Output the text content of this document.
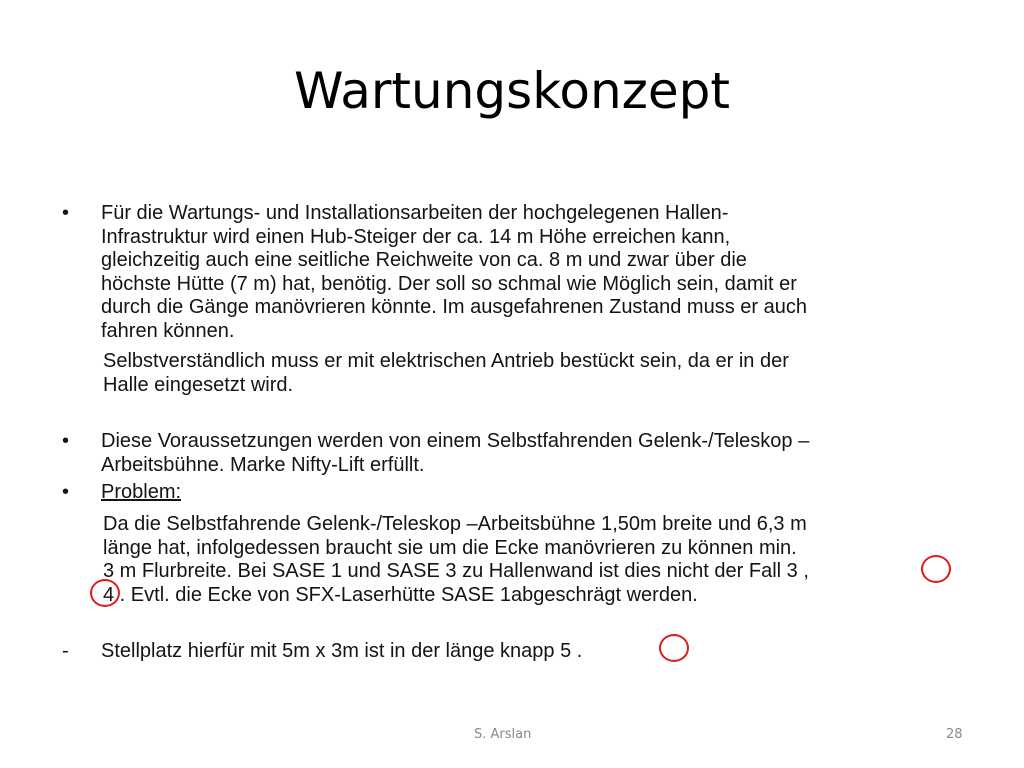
Wartungskonzept
• Für die Wartungs- und Installationsarbeiten der hochgelegenen Hallen-
Infrastruktur wird einen Hub-Steiger der ca. 14 m Höhe erreichen kann,
gleichzeitig auch eine seitliche Reichweite von ca. 8 m und zwar über die
höchste Hütte (7 m) hat, benötig. Der soll so schmal wie Möglich sein, damit er
durch die Gänge manövrieren könnte. Im ausgefahrenen Zustand muss er auch
fahren können.
Selbstverständlich muss er mit elektrischen Antrieb bestückt sein, da er in der
Halle eingesetzt wird.
• Diese Voraussetzungen werden von einem Selbstfahrenden Gelenk-/Teleskop –
Arbeitsbühne. Marke Nifty-Lift erfüllt.
• Problem:
Da die Selbstfahrende Gelenk-/Teleskop –Arbeitsbühne 1,50m breite und 6,3 m
länge hat, infolgedessen braucht sie um die Ecke manövrieren zu können min.
3 m Flurbreite. Bei SASE 1 und SASE 3 zu Hallenwand ist dies nicht der Fall 3 ,
4 . Evtl. die Ecke von SFX-Laserhütte SASE 1abgeschrägt werden.
- Stellplatz hierfür mit 5m x 3m ist in der länge knapp 5 .
S. Arslan	28
